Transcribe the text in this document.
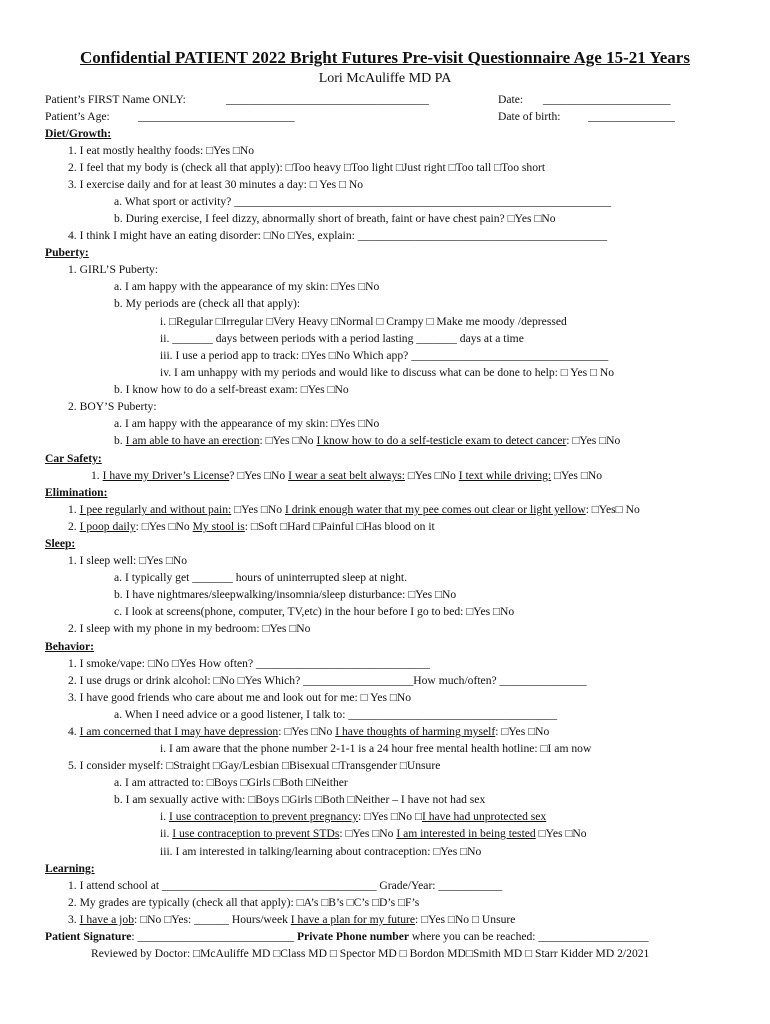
Confidential PATIENT 2022 Bright Futures Pre-visit Questionnaire Age 15-21 Years
Lori McAuliffe MD PA
Patient’s FIRST Name ONLY:	___________________________________	Date: ______________________
Patient’s Age: ___________________________	Date of birth: _______________
Diet/Growth:
1. I eat mostly healthy foods: □Yes □No
2. I feel that my body is (check all that apply): □Too heavy □Too light □Just right □Too tall □Too short
3. I exercise daily and for at least 30 minutes a day: □ Yes □ No
a. What sport or activity? _________________________________________________________________
b. During exercise, I feel dizzy, abnormally short of breath, faint or have chest pain? □Yes □No
4. I think I might have an eating disorder: □No □Yes, explain: ___________________________________________
Puberty:
1. GIRL’S Puberty:
a. I am happy with the appearance of my skin: □Yes □No
b. My periods are (check all that apply):
i. □Regular □Irregular □Very Heavy □Normal □ Crampy □ Make me moody /depressed
ii. _______ days between periods with a period lasting _______ days at a time
iii. I use a period app to track: □Yes □No Which app? __________________________________
iv. I am unhappy with my periods and would like to discuss what can be done to help: □ Yes □ No
b. I know how to do a self-breast exam: □Yes □No
2. BOY’S Puberty:
a. I am happy with the appearance of my skin: □Yes □No
b. I am able to have an erection: □Yes □No I know how to do a self-testicle exam to detect cancer: □Yes □No
Car Safety:
1. I have my Driver’s License? □Yes □No I wear a seat belt always: □Yes □No I text while driving: □Yes □No
Elimination:
1. I pee regularly and without pain: □Yes □No I drink enough water that my pee comes out clear or light yellow: □Yes□ No
2. I poop daily: □Yes □No My stool is: □Soft □Hard □Painful □Has blood on it
Sleep:
1. I sleep well: □Yes □No
a. I typically get _______ hours of uninterrupted sleep at night.
b. I have nightmares/sleepwalking/insomnia/sleep disturbance: □Yes □No
c. I look at screens(phone, computer, TV,etc) in the hour before I go to bed: □Yes □No
2. I sleep with my phone in my bedroom: □Yes □No
Behavior:
1. I smoke/vape: □No □Yes How often? ______________________________
2. I use drugs or drink alcohol: □No □Yes Which? ___________________How much/often? _______________
3. I have good friends who care about me and look out for me: □ Yes □No
a. When I need advice or a good listener, I talk to: ____________________________________
4. I am concerned that I may have depression: □Yes □No I have thoughts of harming myself: □Yes □No
i. I am aware that the phone number 2-1-1 is a 24 hour free mental health hotline: □I am now
5. I consider myself: □Straight □Gay/Lesbian □Bisexual □Transgender □Unsure
a. I am attracted to: □Boys □Girls □Both □Neither
b. I am sexually active with: □Boys □Girls □Both □Neither – I have not had sex
i. I use contraception to prevent pregnancy: □Yes □No □I have had unprotected sex
ii. I use contraception to prevent STDs: □Yes □No I am interested in being tested □Yes □No
iii. I am interested in talking/learning about contraception: □Yes □No
Learning:
1. I attend school at _____________________________________ Grade/Year: ___________
2. My grades are typically (check all that apply): □A’s □B’s □C’s □D’s □F’s
3. I have a job: □No □Yes: ______ Hours/week I have a plan for my future: □Yes □No □ Unsure
Patient Signature: ___________________________ Private Phone number where you can be reached: ___________________
Reviewed by Doctor: □McAuliffe MD □Class MD □ Spector MD □ Bordon MD□Smith MD □ Starr Kidder MD 2/2021
